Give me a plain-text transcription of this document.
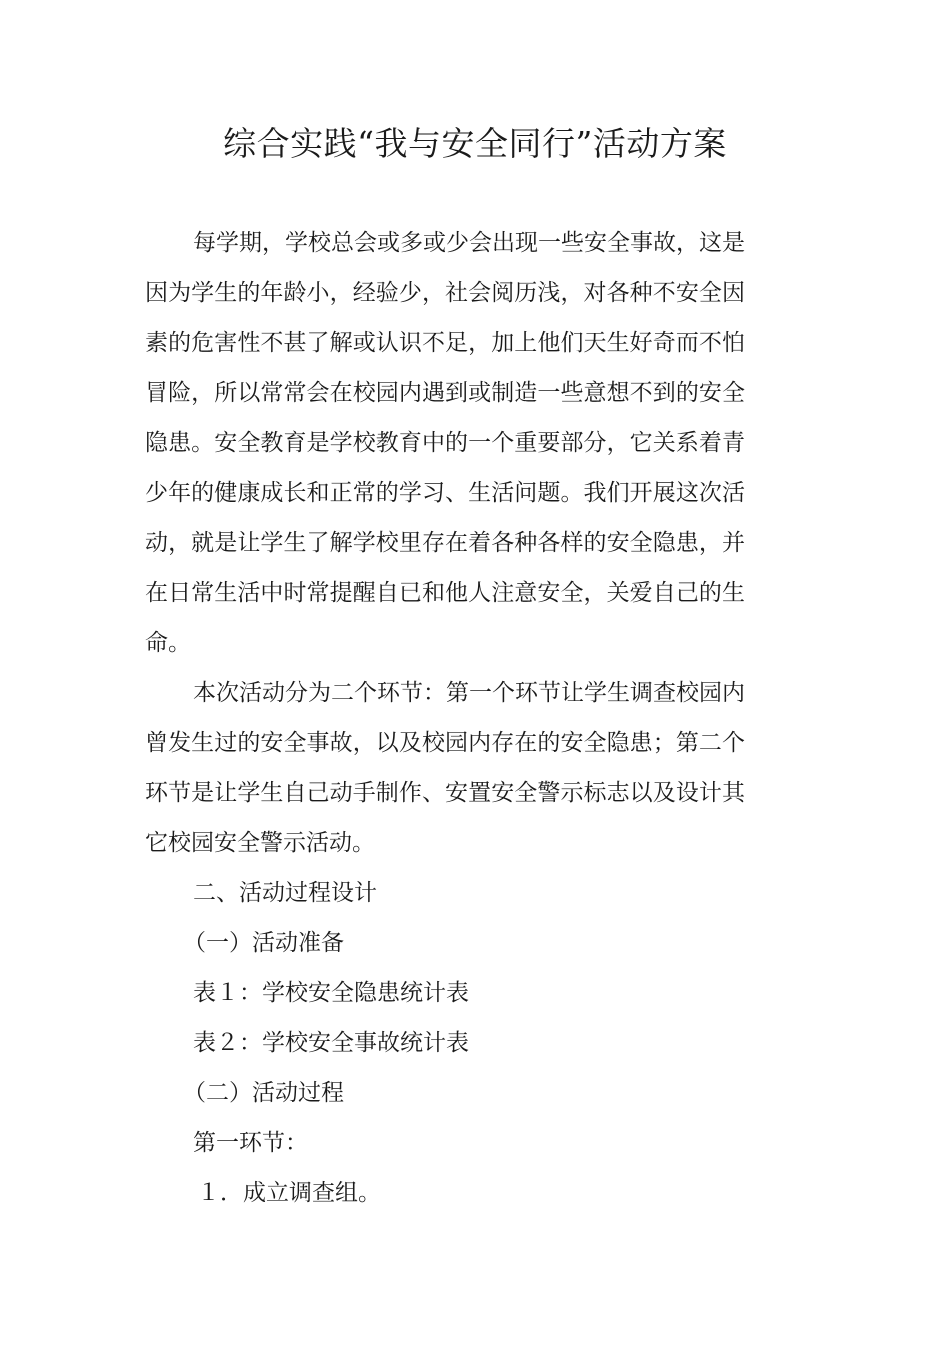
综合实践“我与安全同行”活动方案

每学期，学校总会或多或少会出现一些安全事故，这是因为学生的年龄小，经验少，社会阅历浅，对各种不安全因素的危害性不甚了解或认识不足，加上他们天生好奇而不怕冒险，所以常常会在校园内遇到或制造一些意想不到的安全隐患。安全教育是学校教育中的一个重要部分，它关系着青少年的健康成长和正常的学习、生活问题。我们开展这次活动，就是让学生了解学校里存在着各种各样的安全隐患，并在日常生活中时常提醒自已和他人注意安全，关爱自己的生命。

本次活动分为二个环节：第一个环节让学生调查校园内曾发生过的安全事故，以及校园内存在的安全隐患；第二个环节是让学生自己动手制作、安置安全警示标志以及设计其它校园安全警示活动。

二、活动过程设计

（一）活动准备

表１：学校安全隐患统计表

表２：学校安全事故统计表

（二）活动过程

第一环节：

１．成立调查组。
